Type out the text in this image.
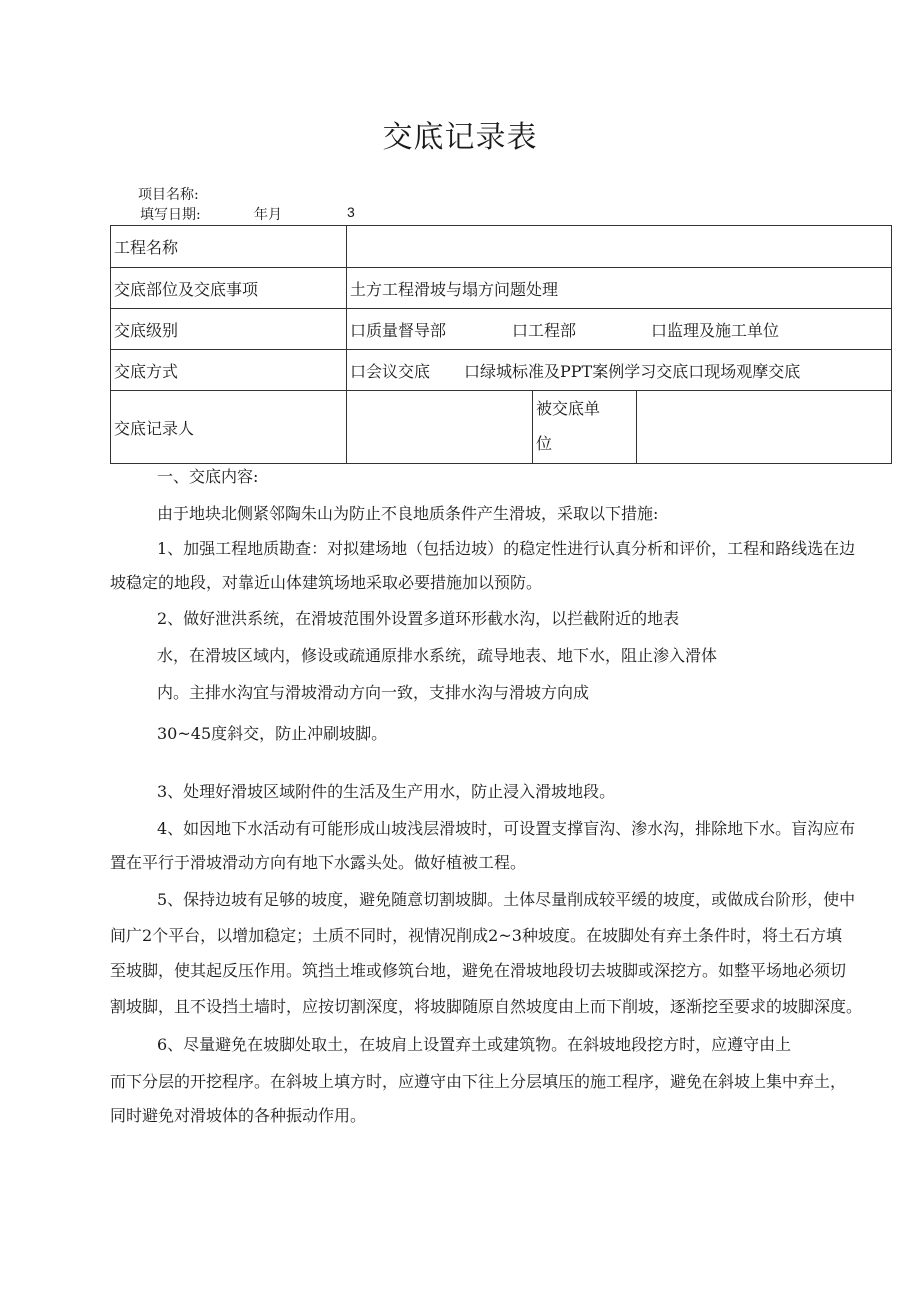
交底记录表
项目名称:
填写日期:	年月	3
工程名称			
交底部位及交底事项	土方工程滑坡与塌方问题处理		
交底级别	口质量督导部 口工程部 口监理及施工单位		
交底方式	口会议交底 口绿城标准及PPT案例学习交底口现场观摩交底		
交底记录人		被交底单
位	

一、交底内容:
由于地块北侧紧邻陶朱山为防止不良地质条件产生滑坡，采取以下措施:
1、加强工程地质勘查：对拟建场地（包括边坡）的稳定性进行认真分析和评价，工程和路线选在边
坡稳定的地段，对靠近山体建筑场地采取必要措施加以预防。
2、做好泄洪系统，在滑坡范围外设置多道环形截水沟，以拦截附近的地表
水，在滑坡区域内，修设或疏通原排水系统，疏导地表、地下水，阻止渗入滑体
内。主排水沟宜与滑坡滑动方向一致，支排水沟与滑坡方向成
30~45度斜交，防止冲刷坡脚。
3、处理好滑坡区域附件的生活及生产用水，防止浸入滑坡地段。
4、如因地下水活动有可能形成山坡浅层滑坡时，可设置支撑盲沟、渗水沟，排除地下水。盲沟应布
置在平行于滑坡滑动方向有地下水露头处。做好植被工程。
5、保持边坡有足够的坡度，避免随意切割坡脚。土体尽量削成较平缓的坡度，或做成台阶形，使中
间广2个平台，以增加稳定；土质不同时，视情况削成2~3种坡度。在坡脚处有弃土条件时，将土石方填
至坡脚，使其起反压作用。筑挡土堆或修筑台地，避免在滑坡地段切去坡脚或深挖方。如整平场地必须切
割坡脚，且不设挡土墙时，应按切割深度，将坡脚随原自然坡度由上而下削坡，逐渐挖至要求的坡脚深度。
6、尽量避免在坡脚处取土，在坡肩上设置弃土或建筑物。在斜坡地段挖方时，应遵守由上
而下分层的开挖程序。在斜坡上填方时，应遵守由下往上分层填压的施工程序，避免在斜坡上集中弃土，
同时避免对滑坡体的各种振动作用。
